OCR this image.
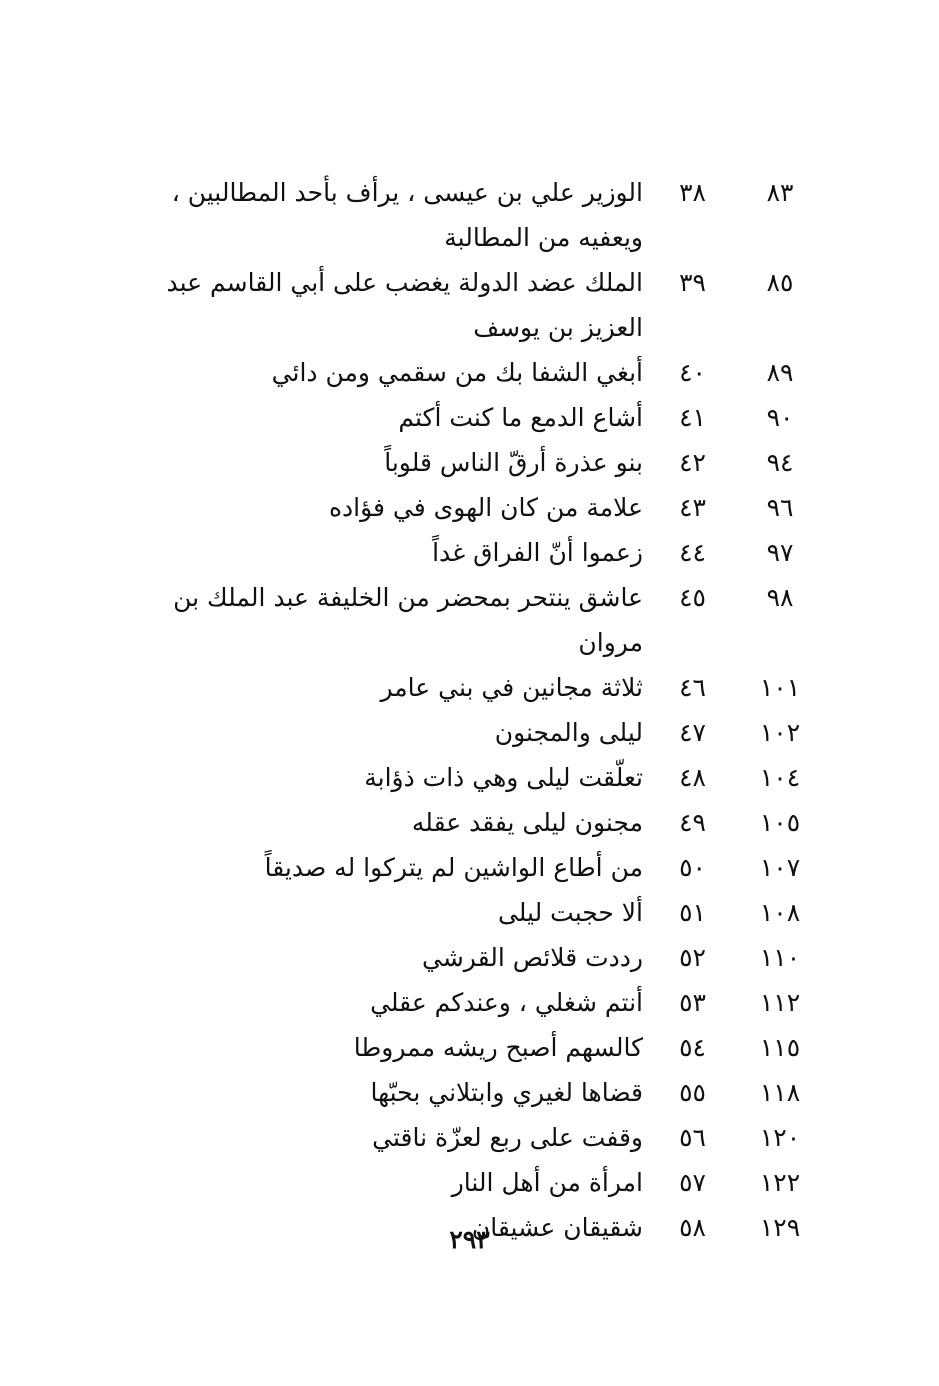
٨٣
٣٨
الوزير علي بن عيسى ، يرأف بأحد المطالبين ، ويعفيه من المطالبة
٨٥
٣٩
الملك عضد الدولة يغضب على أبي القاسم عبد العزيز بن يوسف
٨٩
٤٠
أبغي الشفا بك من سقمي ومن دائي
٩٠
٤١
أشاع الدمع ما كنت أكتم
٩٤
٤٢
بنو عذرة أرقّ الناس قلوباً
٩٦
٤٣
علامة من كان الهوى في فؤاده
٩٧
٤٤
زعموا أنّ الفراق غداً
٩٨
٤٥
عاشق ينتحر بمحضر من الخليفة عبد الملك بن مروان
١٠١
٤٦
ثلاثة مجانين في بني عامر
١٠٢
٤٧
ليلى والمجنون
١٠٤
٤٨
تعلّقت ليلى وهي ذات ذؤابة
١٠٥
٤٩
مجنون ليلى يفقد عقله
١٠٧
٥٠
من أطاع الواشين لم يتركوا له صديقاً
١٠٨
٥١
ألا حجبت ليلى
١١٠
٥٢
رددت قلائص القرشي
١١٢
٥٣
أنتم شغلي ، وعندكم عقلي
١١٥
٥٤
كالسهم أصبح ريشه ممروطا
١١٨
٥٥
قضاها لغيري وابتلاني بحبّها
١٢٠
٥٦
وقفت على ربع لعزّة ناقتي
١٢٢
٥٧
امرأة من أهل النار
١٢٩
٥٨
شقيقان عشيقان
٢٩٣
